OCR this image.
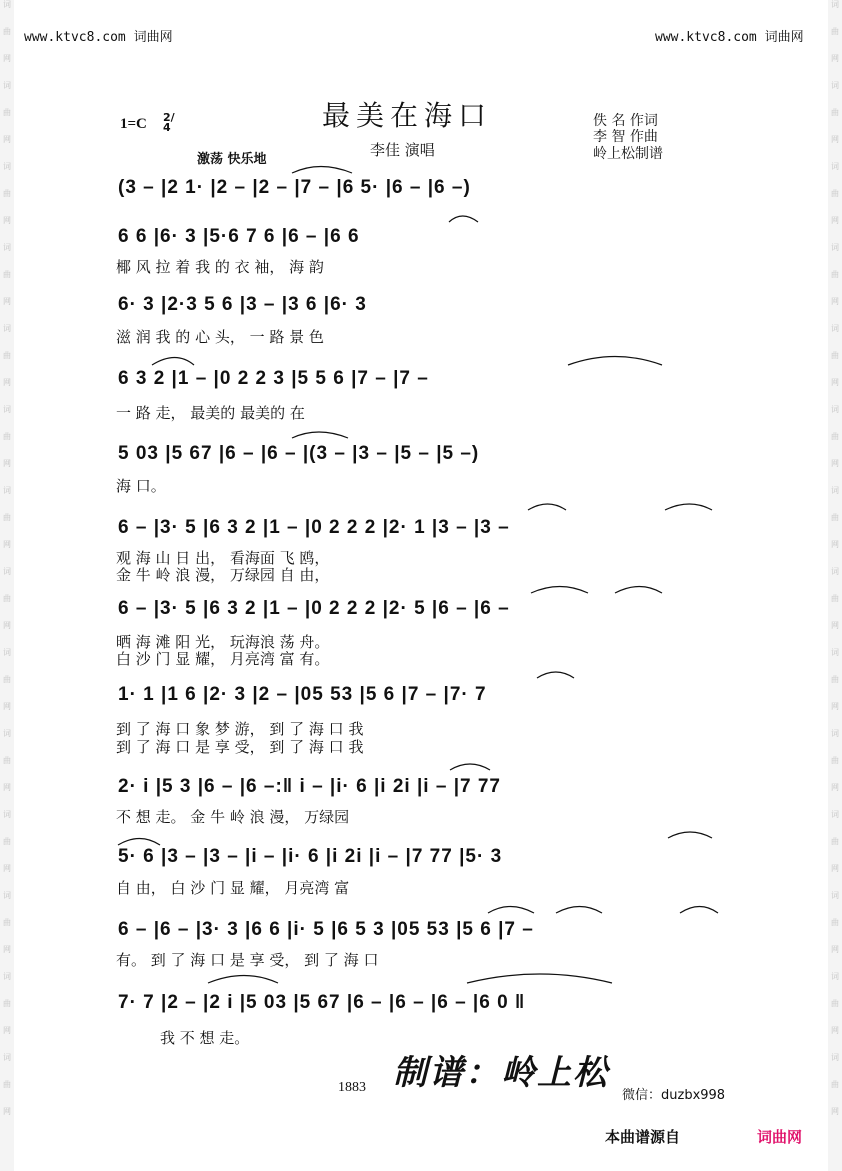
词
曲
网
词
曲
网
词
曲
网
词
曲
网
词
曲
网
词
曲
网
词
曲
网
词
曲
网
词
曲
网
词
曲
网
词
曲
网
词
曲
网
词
曲
网
词
曲
网
词
曲
网
词
曲
网
词
曲
网
词
曲
网
词
曲
网
词
曲
网
词
曲
网
词
曲
网
词
曲
网
词
曲
网
词
曲
网
词
曲
网
词
曲
网
词
曲
网
www.ktvc8.com 词曲网	www.ktvc8.com 词曲网
1=C 2/4	最美在海口
李佳 演唱
佚 名 作词
李 智 作曲
岭上松制谱
激荡 快乐地
(3 – |2 1· |2 – |2 – |7 – |6 5· |6 – |6 –)
6 6 |6· 3 |5·6 7 6 |6 – |6 6
椰 风 拉 着 我 的 衣 袖， 海 韵
6· 3 |2·3 5 6 |3 – |3 6 |6· 3
滋 润 我 的 心 头， 一 路 景 色
6 3 2 |1 – |0 2 2 3 |5 5 6 |7 – |7 –
一 路 走， 最美的 最美的 在
5 03 |5 67 |6 – |6 – |(3 – |3 – |5 – |5 –)
海 口。
6 – |3· 5 |6 3 2 |1 – |0 2 2 2 |2· 1 |3 – |3 –
观 海 山 日 出， 看海面 飞 鸥，
金 牛 岭 浪 漫， 万绿园 自 由，
6 – |3· 5 |6 3 2 |1 – |0 2 2 2 |2· 5 |6 – |6 –
晒 海 滩 阳 光， 玩海浪 荡 舟。
白 沙 门 显 耀， 月亮湾 富 有。
1· 1 |1 6 |2· 3 |2 – |05 53 |5 6 |7 – |7· 7
到 了 海 口 象 梦 游， 到 了 海 口 我
到 了 海 口 是 享 受， 到 了 海 口 我
2· i |5 3 |6 – |6 –:‖ i – |i· 6 |i 2i |i – |7 77
不 想 走。 金 牛 岭 浪 漫， 万绿园
5· 6 |3 – |3 – |i – |i· 6 |i 2i |i – |7 77 |5· 3
自 由， 白 沙 门 显 耀， 月亮湾 富
6 – |6 – |3· 3 |6 6 |i· 5 |6 5 3 |05 53 |5 6 |7 –
有。 到 了 海 口 是 享 受， 到 了 海 口
7· 7 |2 – |2 i |5 03 |5 67 |6 – |6 – |6 – |6 0 ‖
我 不 想 走。
1883 制谱：岭上松
微信：duzbx998
本曲谱源自	词曲网
